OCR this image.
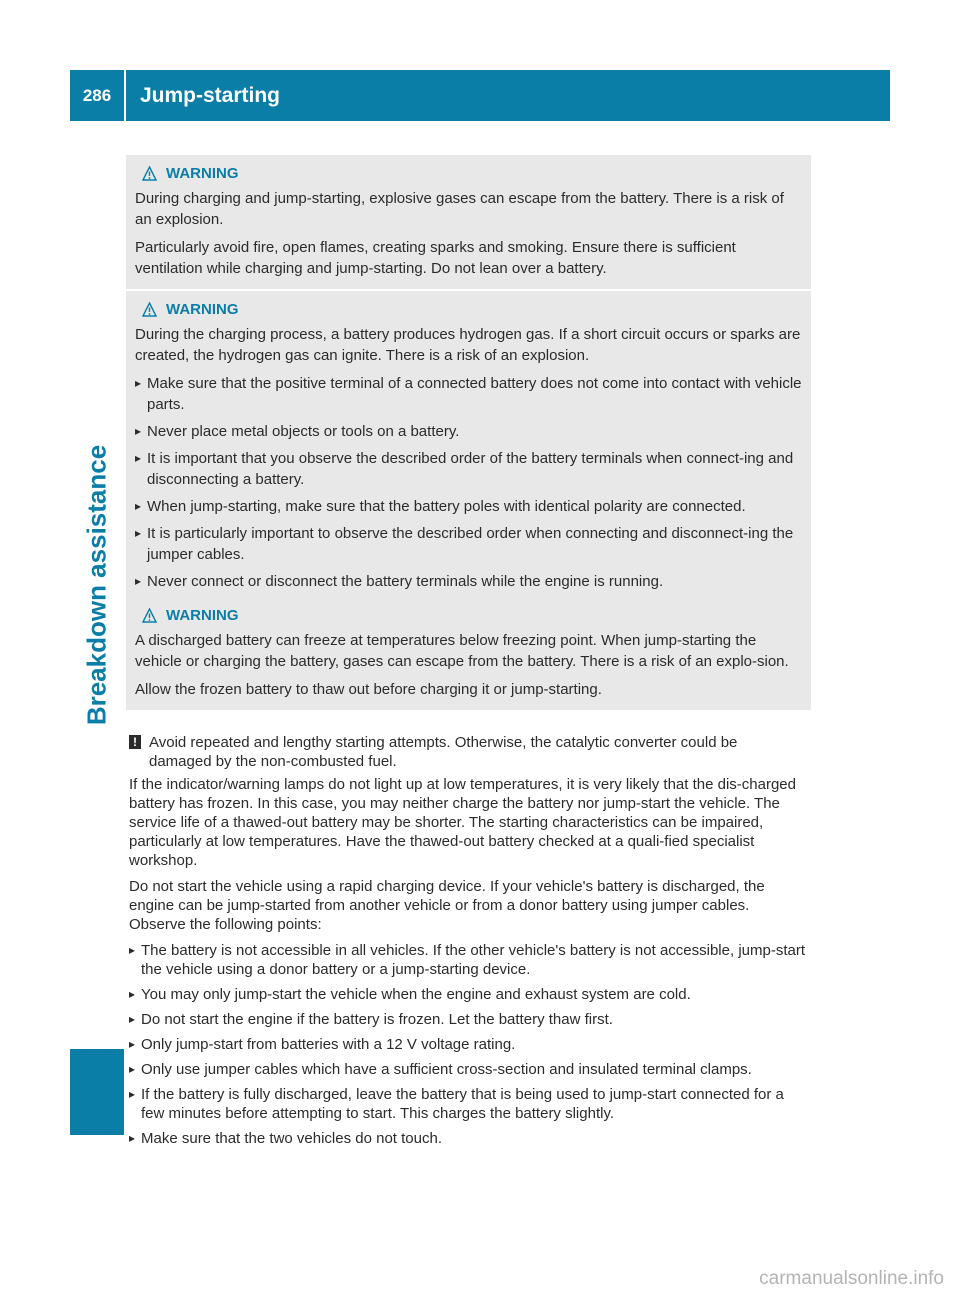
286	Jump-starting
Breakdown assistance
WARNING

During charging and jump-starting, explosive gases can escape from the battery. There is a risk of an explosion.

Particularly avoid fire, open flames, creating sparks and smoking. Ensure there is sufficient ventilation while charging and jump-starting. Do not lean over a battery.

WARNING

During the charging process, a battery produces hydrogen gas. If a short circuit occurs or sparks are created, the hydrogen gas can ignite. There is a risk of an explosion.

▸ Make sure that the positive terminal of a connected battery does not come into contact with vehicle parts.
▸ Never place metal objects or tools on a battery.
▸ It is important that you observe the described order of the battery terminals when connect-ing and disconnecting a battery.
▸ When jump-starting, make sure that the battery poles with identical polarity are connected.
▸ It is particularly important to observe the described order when connecting and disconnect-ing the jumper cables.
▸ Never connect or disconnect the battery terminals while the engine is running.
WARNING

A discharged battery can freeze at temperatures below freezing point. When jump-starting the vehicle or charging the battery, gases can escape from the battery. There is a risk of an explo-sion.

Allow the frozen battery to thaw out before charging it or jump-starting.

! Avoid repeated and lengthy starting attempts. Otherwise, the catalytic converter could be
damaged by the non-combusted fuel.

If the indicator/warning lamps do not light up at low temperatures, it is very likely that the dis-charged battery has frozen. In this case, you may neither charge the battery nor jump-start the vehicle. The service life of a thawed-out battery may be shorter. The starting characteristics can be impaired, particularly at low temperatures. Have the thawed-out battery checked at a quali-fied specialist workshop.

Do not start the vehicle using a rapid charging device. If your vehicle's battery is discharged, the engine can be jump-started from another vehicle or from a donor battery using jumper cables. Observe the following points:

▸ The battery is not accessible in all vehicles. If the other vehicle's battery is not accessible, jump-start the vehicle using a donor battery or a jump-starting device.
▸ You may only jump-start the vehicle when the engine and exhaust system are cold.
▸ Do not start the engine if the battery is frozen. Let the battery thaw first.
▸ Only jump-start from batteries with a 12 V voltage rating.
▸ Only use jumper cables which have a sufficient cross-section and insulated terminal clamps.
▸ If the battery is fully discharged, leave the battery that is being used to jump-start connected for a few minutes before attempting to start. This charges the battery slightly.
▸ Make sure that the two vehicles do not touch.
carmanualsonline.info
